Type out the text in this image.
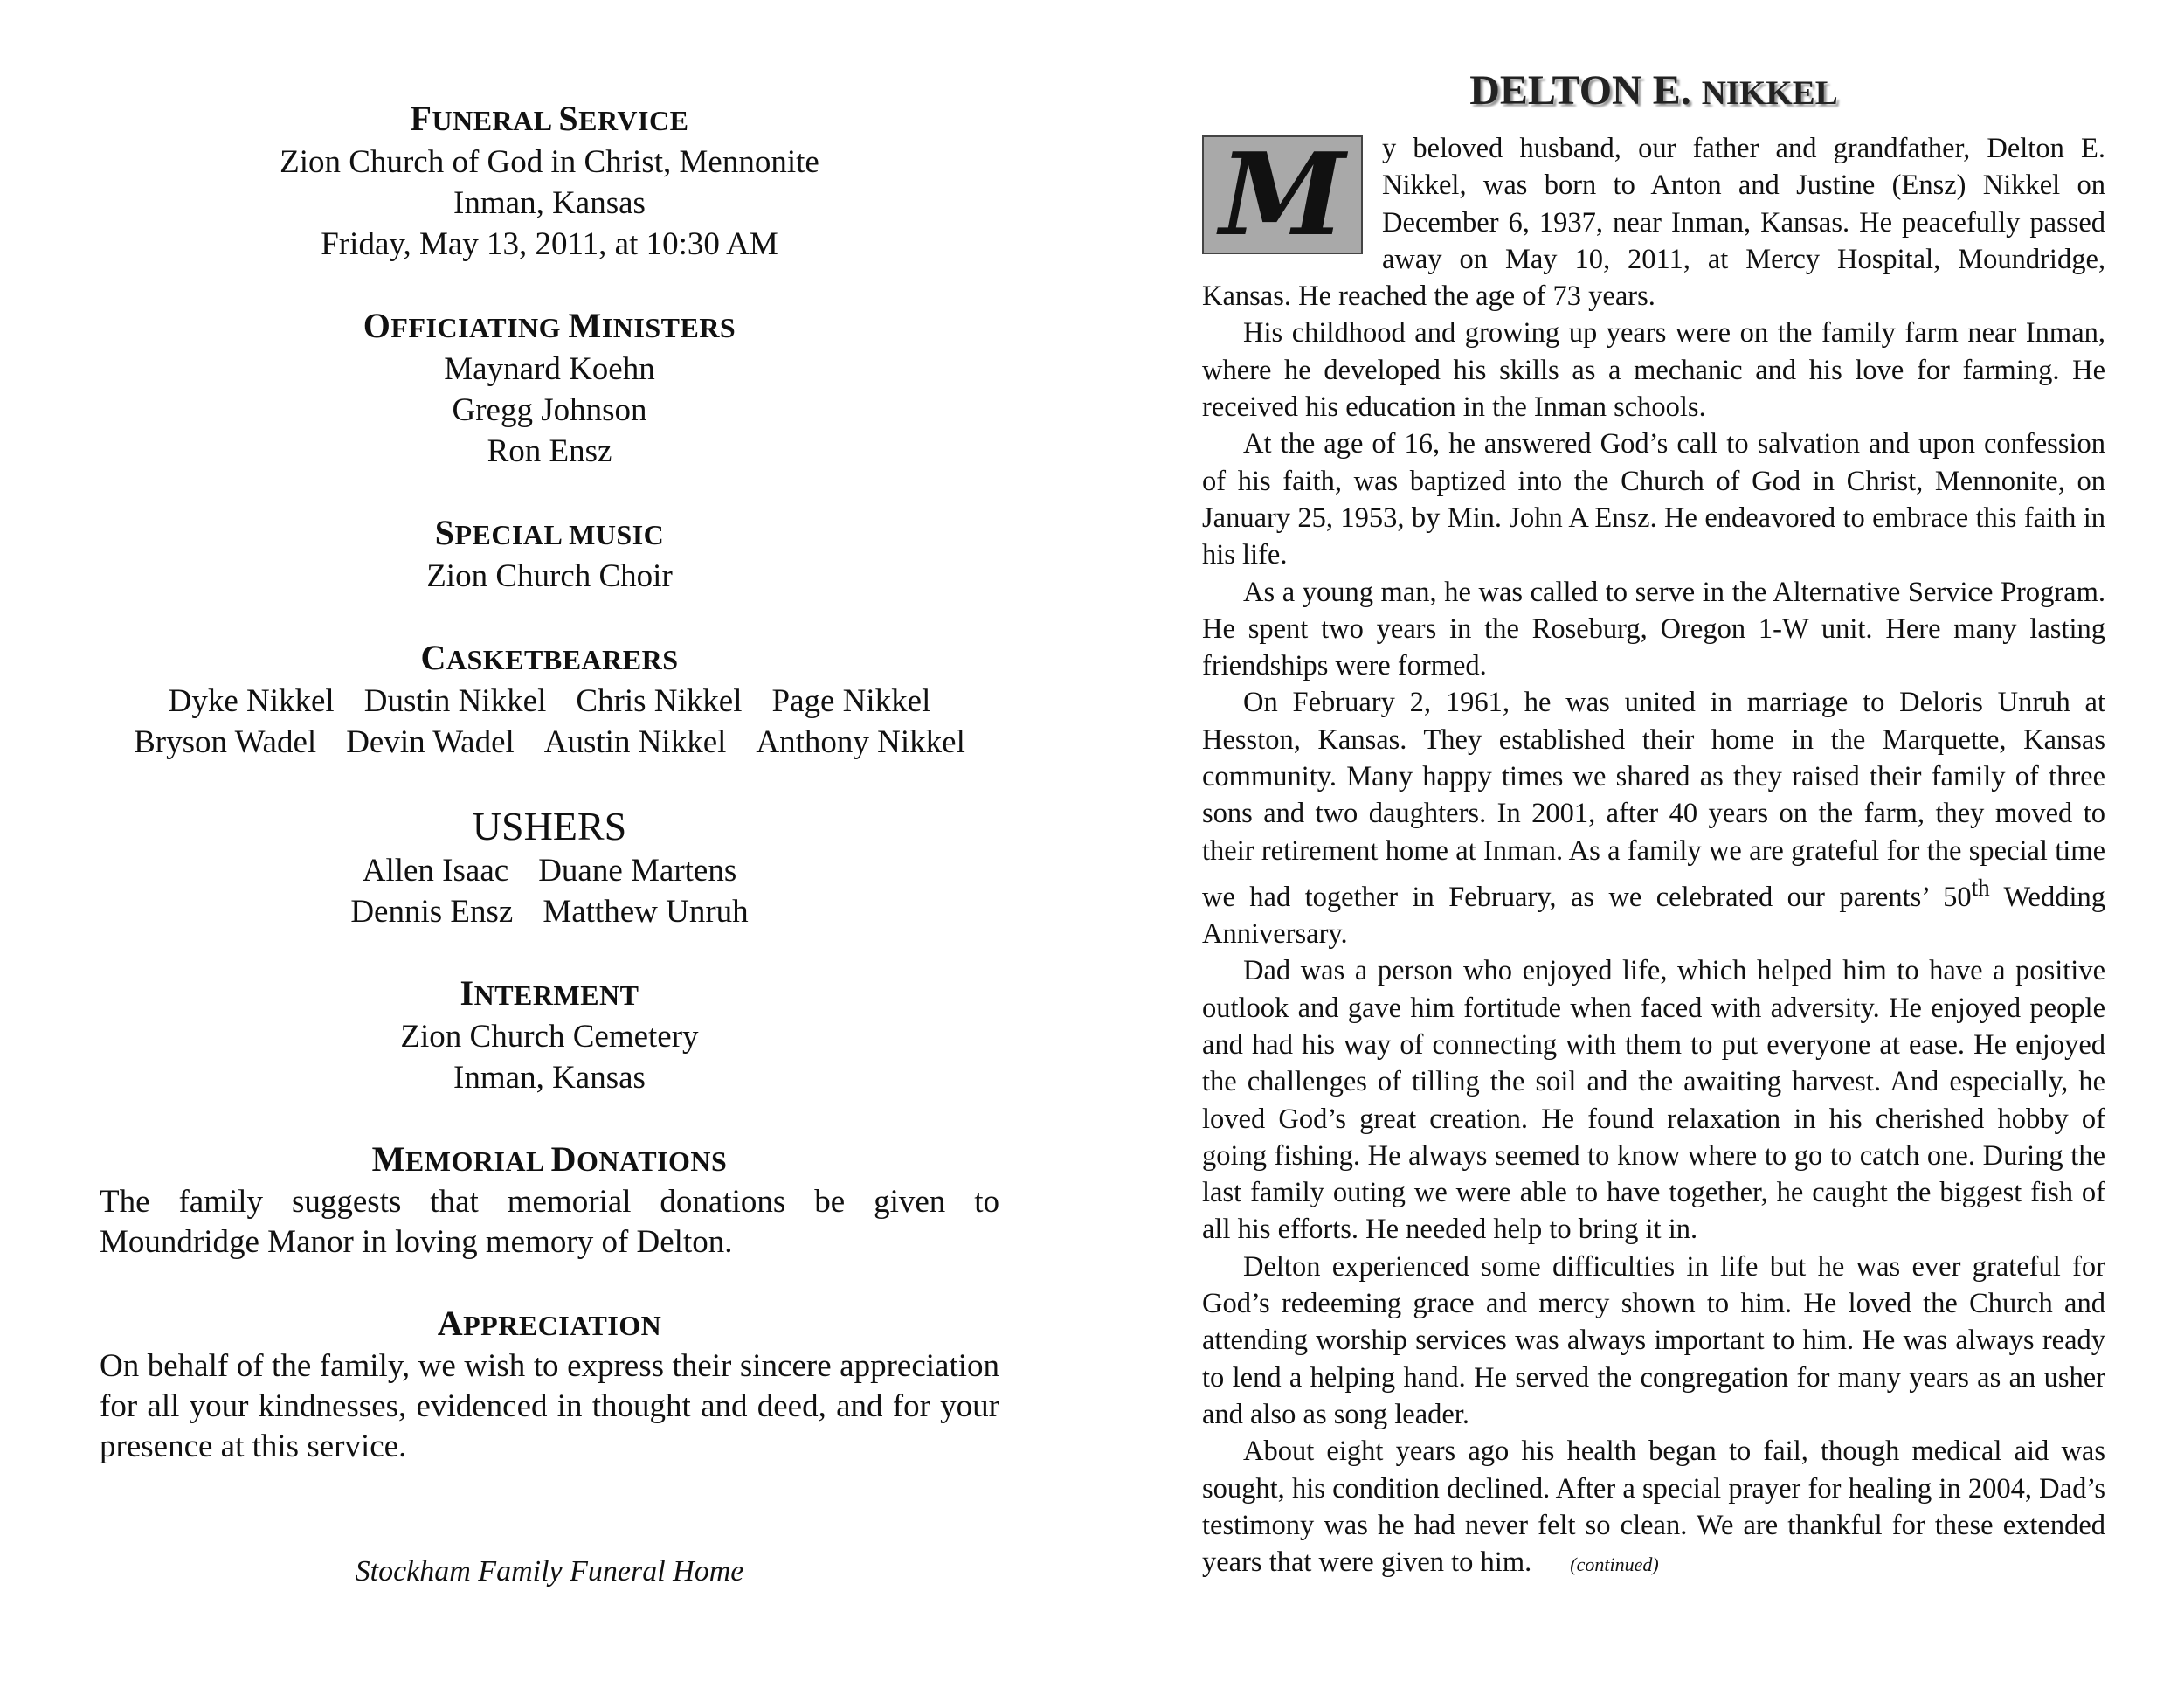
FUNERAL SERVICE
Zion Church of God in Christ, Mennonite
Inman, Kansas
Friday, May 13, 2011, at 10:30 AM
OFFICIATING MINISTERS
Maynard Koehn
Gregg Johnson
Ron Ensz
SPECIAL MUSIC
Zion Church Choir
CASKETBEARERS
Dyke Nikkel Dustin Nikkel Chris Nikkel Page Nikkel
Bryson Wadel Devin Wadel Austin Nikkel Anthony Nikkel
USHERS
Allen Isaac Duane Martens
Dennis Ensz Matthew Unruh
INTERMENT
Zion Church Cemetery
Inman, Kansas
MEMORIAL DONATIONS
The family suggests that memorial donations be given to Moundridge Manor in loving memory of Delton.
APPRECIATION
On behalf of the family, we wish to express their sincere appreciation for all your kindnesses, evidenced in thought and deed, and for your presence at this service.
Stockham Family Funeral Home
DELTON E. NIKKEL
M	y beloved husband, our father and grandfather, Delton E. Nikkel, was born to Anton and Justine (Ensz) Nikkel on December 6, 1937, near Inman, Kansas. He peacefully passed away on May 10, 2011, at Mercy Hospital, Moundridge, Kansas. He reached the age of 73 years.

His childhood and growing up years were on the family farm near Inman, where he developed his skills as a mechanic and his love for farming. He received his education in the Inman schools.

At the age of 16, he answered God’s call to salvation and upon confession of his faith, was baptized into the Church of God in Christ, Mennonite, on January 25, 1953, by Min. John A Ensz. He endeavored to embrace this faith in his life.

As a young man, he was called to serve in the Alternative Service Program. He spent two years in the Roseburg, Oregon 1-W unit. Here many lasting friendships were formed.

On February 2, 1961, he was united in marriage to Deloris Unruh at Hesston, Kansas. They established their home in the Marquette, Kansas community. Many happy times we shared as they raised their family of three sons and two daughters. In 2001, after 40 years on the farm, they moved to their retirement home at Inman. As a family we are grateful for the special time we had together in February, as we celebrated our parents’ 50th Wedding Anniversary.

Dad was a person who enjoyed life, which helped him to have a positive outlook and gave him fortitude when faced with adversity. He enjoyed people and had his way of connecting with them to put everyone at ease. He enjoyed the challenges of tilling the soil and the awaiting harvest. And especially, he loved God’s great creation. He found relaxation in his cherished hobby of going fishing. He always seemed to know where to go to catch one. During the last family outing we were able to have together, he caught the biggest fish of all his efforts. He needed help to bring it in.

Delton experienced some difficulties in life but he was ever grateful for God’s redeeming grace and mercy shown to him. He loved the Church and attending worship services was always important to him. He was always ready to lend a helping hand. He served the congregation for many years as an usher and also as song leader.

About eight years ago his health began to fail, though medical aid was sought, his condition declined. After a special prayer for healing in 2004, Dad’s testimony was he had never felt so clean. We are thankful for these extended years that were given to him. (continued)
